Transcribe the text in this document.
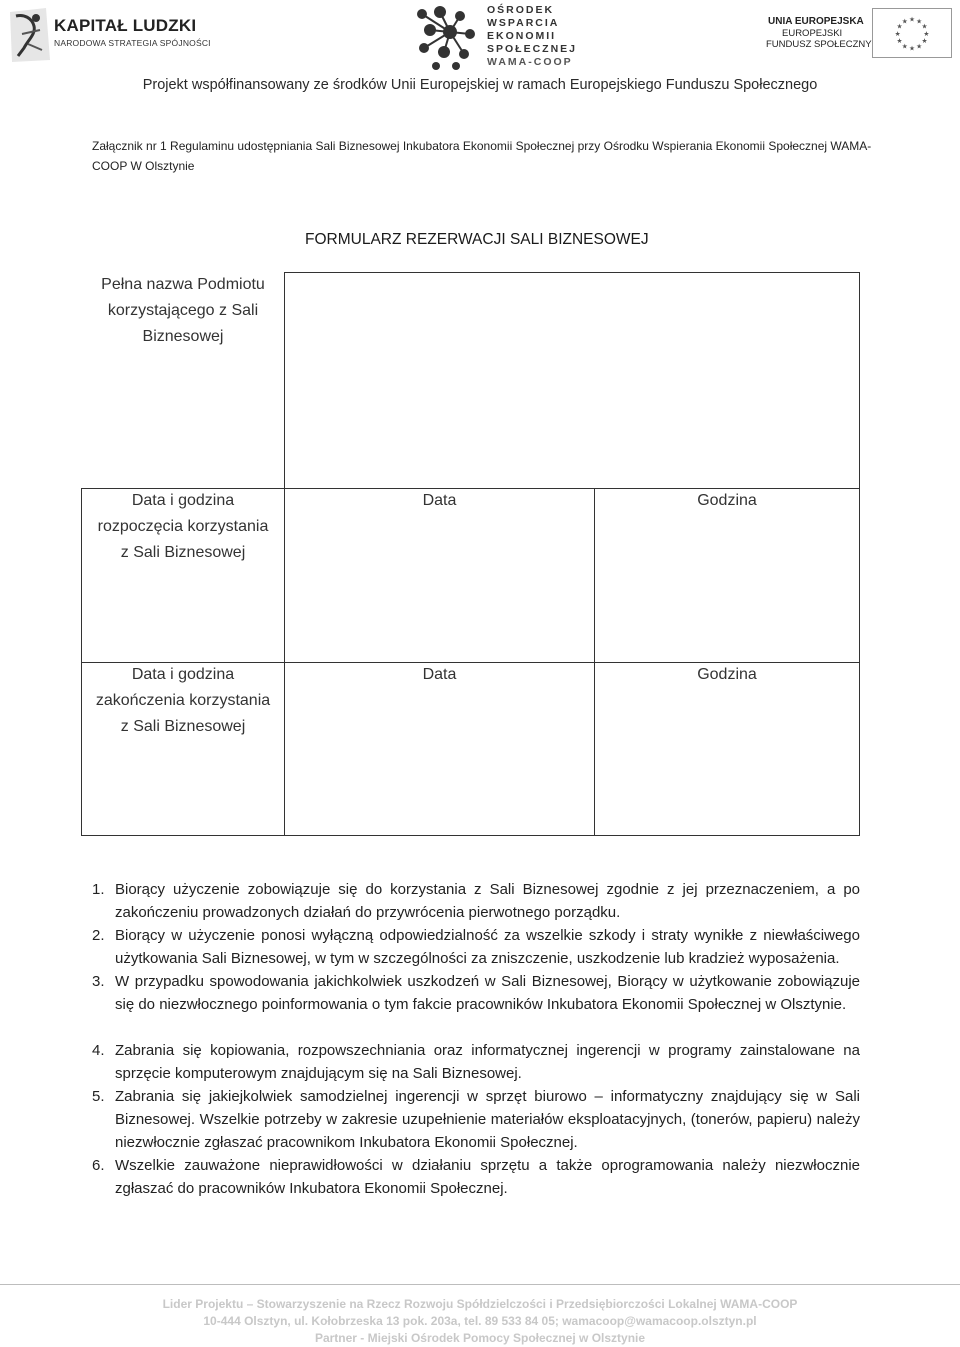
KAPITAŁ LUDZKI
NARODOWA STRATEGIA SPÓJNOŚCI
OŚRODEK
WSPARCIA
EKONOMII
SPOŁECZNEJ
WAMA-COOP
UNIA EUROPEJSKA
EUROPEJSKI
FUNDUSZ SPOŁECZNY
★
★
★
★
★
★
★
★
★ ★ ★
★
Projekt współfinansowany ze środków Unii Europejskiej w ramach Europejskiego Funduszu Społecznego
Załącznik nr 1 Regulaminu udostępniania Sali Biznesowej Inkubatora Ekonomii Społecznej przy Ośrodku Wspierania Ekonomii Społecznej WAMA-COOP W Olsztynie
FORMULARZ REZERWACJI SALI BIZNESOWEJ
Pełna nazwa Podmiotu
korzystającego z Sali
Biznesowej
Data i godzina
rozpoczęcia korzystania
z Sali Biznesowej
Data	Godzina
Data i godzina
zakończenia korzystania
z Sali Biznesowej
Data	Godzina
1. Biorący użyczenie zobowiązuje się do korzystania z Sali Biznesowej zgodnie z jej przeznaczeniem, a po zakończeniu prowadzonych działań do przywrócenia pierwotnego porządku.
2. Biorący w użyczenie ponosi wyłączną odpowiedzialność za wszelkie szkody i straty wynikłe z niewłaściwego użytkowania Sali Biznesowej, w tym w szczególności za zniszczenie, uszkodzenie lub kradzież wyposażenia.
3. W przypadku spowodowania jakichkolwiek uszkodzeń w Sali Biznesowej, Biorący w użytkowanie zobowiązuje się do niezwłocznego poinformowania o tym fakcie pracowników Inkubatora Ekonomii Społecznej w Olsztynie.
4. Zabrania się kopiowania, rozpowszechniania oraz informatycznej ingerencji w programy zainstalowane na sprzęcie komputerowym znajdującym się na Sali Biznesowej.
5. Zabrania się jakiejkolwiek samodzielnej ingerencji w sprzęt biurowo – informatyczny znajdujący się w Sali Biznesowej. Wszelkie potrzeby w zakresie uzupełnienie materiałów eksploatacyjnych, (tonerów, papieru) należy niezwłocznie zgłaszać pracownikom Inkubatora Ekonomii Społecznej.
6. Wszelkie zauważone nieprawidłowości w działaniu sprzętu a także oprogramowania należy niezwłocznie zgłaszać do pracowników Inkubatora Ekonomii Społecznej.
Lider Projektu – Stowarzyszenie na Rzecz Rozwoju Spółdzielczości i Przedsiębiorczości Lokalnej WAMA-COOP
10-444 Olsztyn, ul. Kołobrzeska 13 pok. 203a, tel. 89 533 84 05; wamacoop@wamacoop.olsztyn.pl
Partner - Miejski Ośrodek Pomocy Społecznej w Olsztynie
